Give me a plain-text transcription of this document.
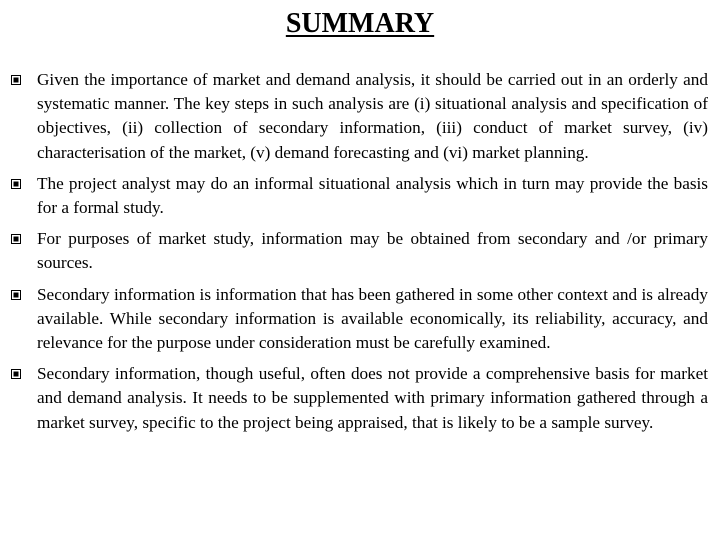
SUMMARY
Given the importance of market and demand analysis, it should be carried out in an orderly and systematic manner. The key steps in such analysis are (i) situational analysis and specification of objectives, (ii) collection of secondary information, (iii) conduct of market survey, (iv) characterisation of the market, (v) demand forecasting and (vi) market planning.
The project analyst may do an informal situational analysis which in turn may provide the basis for a formal study.
For purposes of market study, information may be obtained from secondary and /or primary sources.
Secondary information is information that has been gathered in some other context and is already available. While secondary information is available economically, its reliability, accuracy, and relevance for the purpose under consideration must be carefully examined.
Secondary information, though useful, often does not provide a comprehensive basis for market and demand analysis. It needs to be supplemented with primary information gathered through a market survey, specific to the project being appraised, that is likely to be a sample survey.
